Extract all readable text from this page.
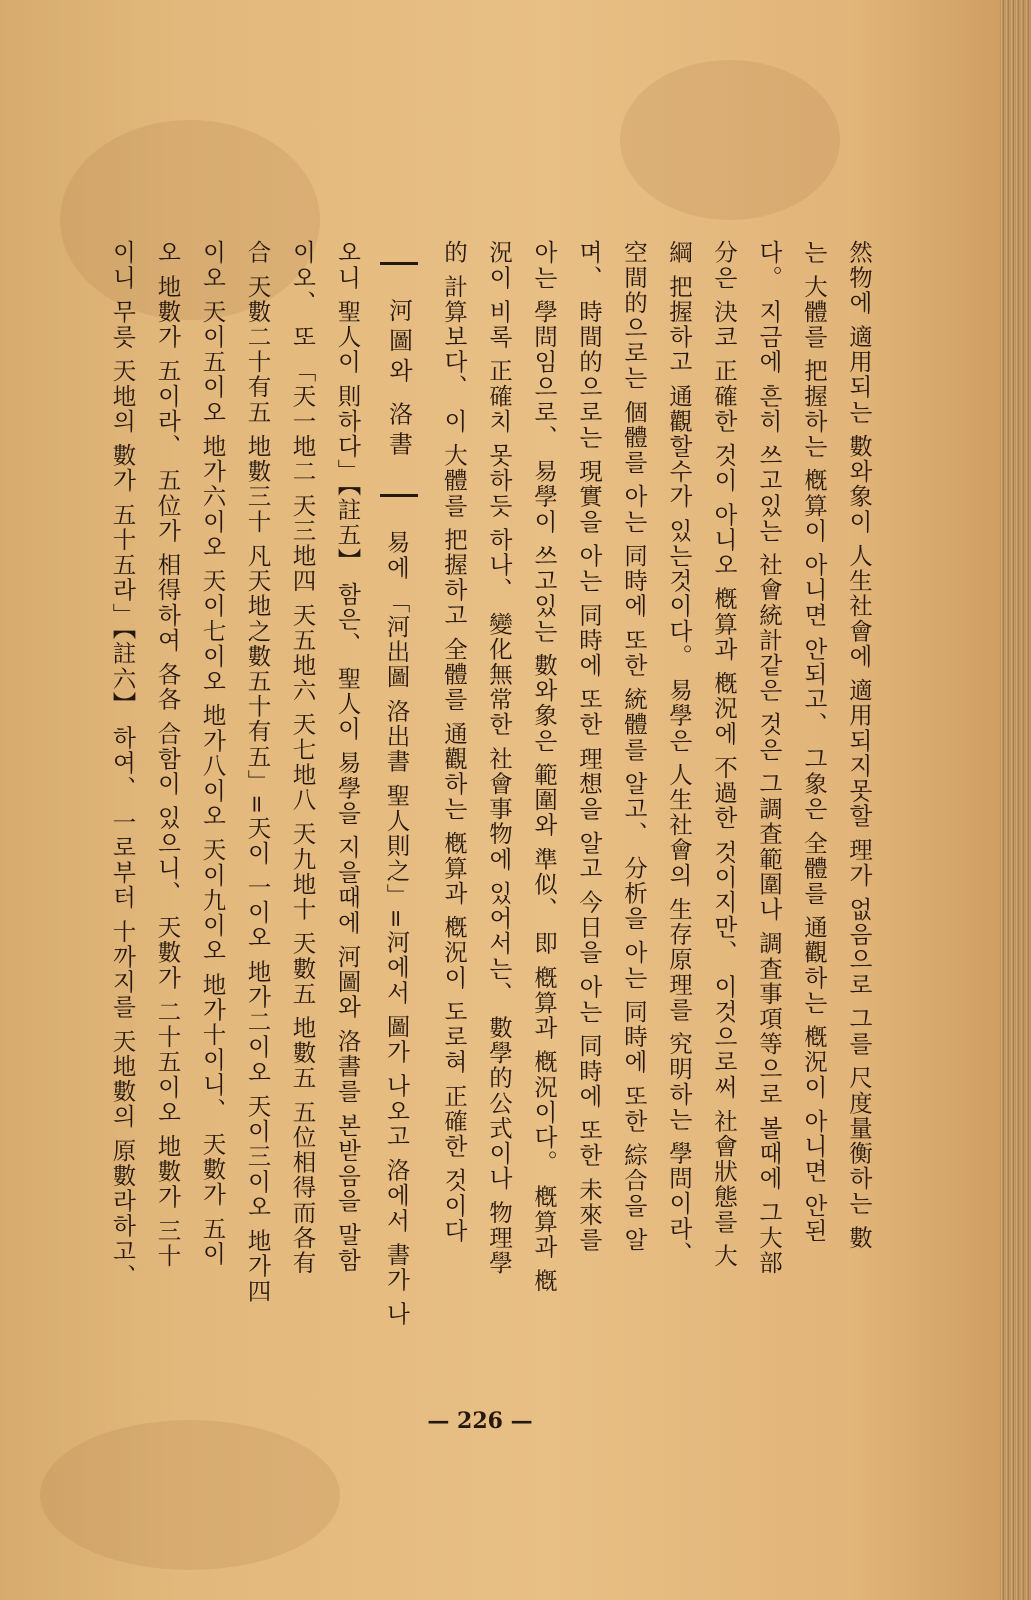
然物에 適用되는 數와象이 人生社會에 適用되지못할 理가 없음으로 그를 尺度量衡하는 數
는 大體를 把握하는 槪算이 아니면 안되고、 그象은 全體를 通觀하는 槪況이 아니면 안된
다。 지금에 흔히 쓰고있는 社會統計같은 것은 그調査範圍나 調査事項等으로 볼때에 그大部
分은 決코 正確한 것이 아니오 槪算과 槪況에 不過한 것이지만、 이것으로써 社會狀態를 大
綱 把握하고 通觀할수가 있는것이다。 易學은 人生社會의 生存原理를 究明하는 學問이라、
空間的으로는 個體를 아는 同時에 또한 統體를 알고、 分析을 아는 同時에 또한 綜合을 알
며、 時間的으로는 現實을 아는 同時에 또한 理想을 알고 今日을 아는 同時에 또한 未來를
아는 學問임으로、 易學이 쓰고있는 數와象은 範圍와 準似、 即 槪算과 槪況이다。 槪算과 槪
況이 비록 正確치 못하듯 하나、 變化無常한 社會事物에 있어서는、 數學的公式이나 物理學
的 計算보다、 이 大體를 把握하고 全體를 通觀하는 槪算과 槪況이 도로혀 正確한 것이다
河圖와 洛書
易에 「河出圖 洛出書 聖人則之」=河에서 圖가 나오고 洛에서 書가 나
오니 聖人이 則하다」【註五】 함은、 聖人이 易學을 지을때에 河圖와 洛書를 본받음을 말함
이오、 또 「天一地二 天三地四 天五地六 天七地八 天九地十 天數五 地數五 五位相得而各有
合 天數二十有五 地數三十 凡天地之數五十有五」=天이 一이오 地가二이오 天이三이오 地가四
이오 天이五이오 地가六이오 天이七이오 地가八이오 天이九이오 地가十이니、 天數가 五이
오 地數가 五이라、 五位가 相得하여 各各 合함이 있으니、 天數가 二十五이오 地數가 三十
이니 무릇 天地의 數가 五十五라」【註六】 하여、 一로부터 十까지를 天地數의 原數라하고、
— 226 —
